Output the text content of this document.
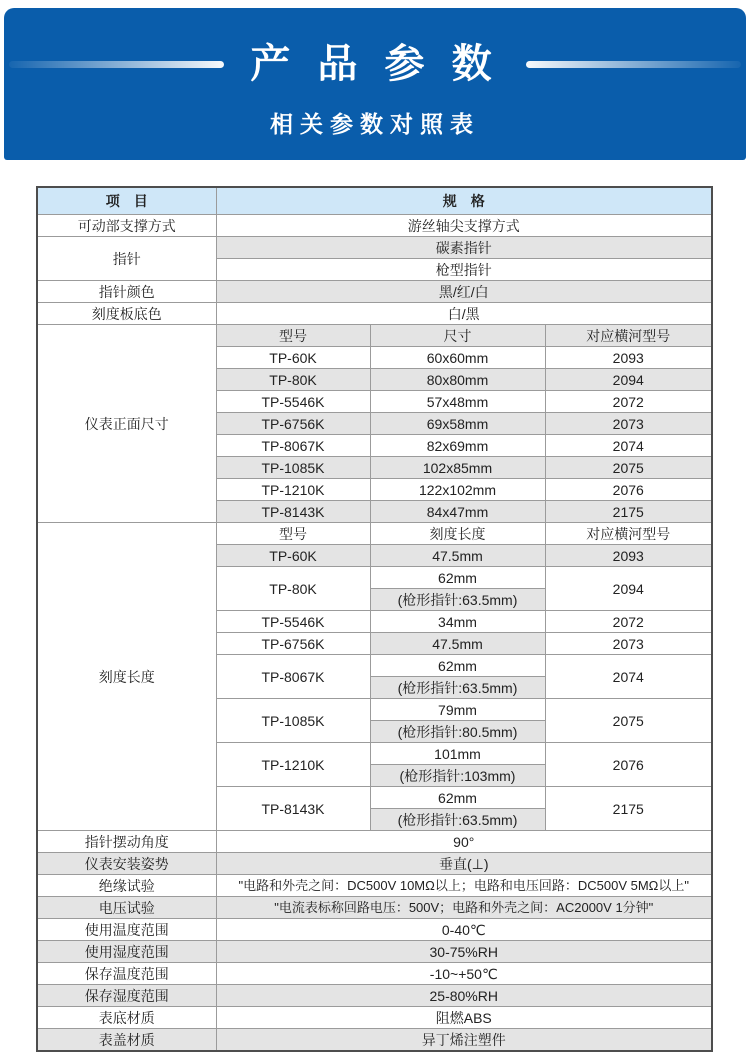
产 品 参 数
相关参数对照表
项　目	规　格		
可动部支撑方式	游丝轴尖支撑方式		
指针	碳素指针		
	枪型指针		
指针颜色	黑/红/白		
刻度板底色	白/黑		
仪表正面尺寸	型号	尺寸	对应横河型号
	TP-60K	60x60mm	2093
	TP-80K	80x80mm	2094
	TP-5546K	57x48mm	2072
	TP-6756K	69x58mm	2073
	TP-8067K	82x69mm	2074
	TP-1085K	102x85mm	2075
	TP-1210K	122x102mm	2076
	TP-8143K	84x47mm	2175
刻度长度	型号	刻度长度	对应横河型号
	TP-60K	47.5mm	2093
	TP-80K	62mm	2094
		(枪形指针:63.5mm)	
	TP-5546K	34mm	2072
	TP-6756K	47.5mm	2073
	TP-8067K	62mm	2074
		(枪形指针:63.5mm)	
	TP-1085K	79mm	2075
		(枪形指针:80.5mm)	
	TP-1210K	101mm	2076
		(枪形指针:103mm)	
	TP-8143K	62mm	2175
		(枪形指针:63.5mm)	
指针摆动角度	90°		
仪表安装姿势	垂直(⊥)		
绝缘试验	"电路和外壳之间：DC500V 10MΩ以上；电路和电压回路：DC500V 5MΩ以上"		
电压试验	"电流表标称回路电压：500V；电路和外壳之间：AC2000V 1分钟"		
使用温度范围	0-40℃		
使用湿度范围	30-75%RH		
保存温度范围	-10~+50℃		
保存湿度范围	25-80%RH		
表底材质	阻燃ABS		
表盖材质	异丁烯注塑件		
